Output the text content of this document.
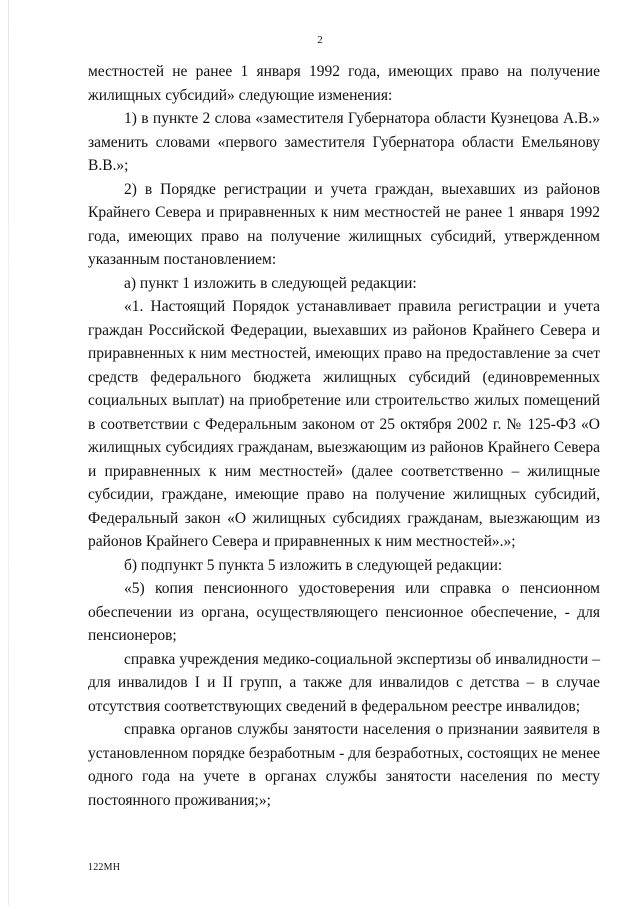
2

местностей не ранее 1 января 1992 года, имеющих право на получение жилищных субсидий» следующие изменения:

1) в пункте 2 слова «заместителя Губернатора области Кузнецова А.В.» заменить словами «первого заместителя Губернатора области Емельянову В.В.»;

2) в Порядке регистрации и учета граждан, выехавших из районов Крайнего Севера и приравненных к ним местностей не ранее 1 января 1992 года, имеющих право на получение жилищных субсидий, утвержденном указанным постановлением:

а) пункт 1 изложить в следующей редакции:

«1. Настоящий Порядок устанавливает правила регистрации и учета граждан Российской Федерации, выехавших из районов Крайнего Севера и приравненных к ним местностей, имеющих право на предоставление за счет средств федерального бюджета жилищных субсидий (единовременных социальных выплат) на приобретение или строительство жилых помещений в соответствии с Федеральным законом от 25 октября 2002 г. № 125-ФЗ «О жилищных субсидиях гражданам, выезжающим из районов Крайнего Севера и приравненных к ним местностей» (далее соответственно – жилищные субсидии, граждане, имеющие право на получение жилищных субсидий, Федеральный закон «О жилищных субсидиях гражданам, выезжающим из районов Крайнего Севера и приравненных к ним местностей».»;

б) подпункт 5 пункта 5 изложить в следующей редакции:

«5) копия пенсионного удостоверения или справка о пенсионном обеспечении из органа, осуществляющего пенсионное обеспечение, - для пенсионеров;

справка учреждения медико-социальной экспертизы об инвалидности – для инвалидов I и II групп, а также для инвалидов с детства – в случае отсутствия соответствующих сведений в федеральном реестре инвалидов;

справка органов службы занятости населения о признании заявителя в установленном порядке безработным - для безработных, состоящих не менее одного года на учете в органах службы занятости населения по месту постоянного проживания;»;

122МН
